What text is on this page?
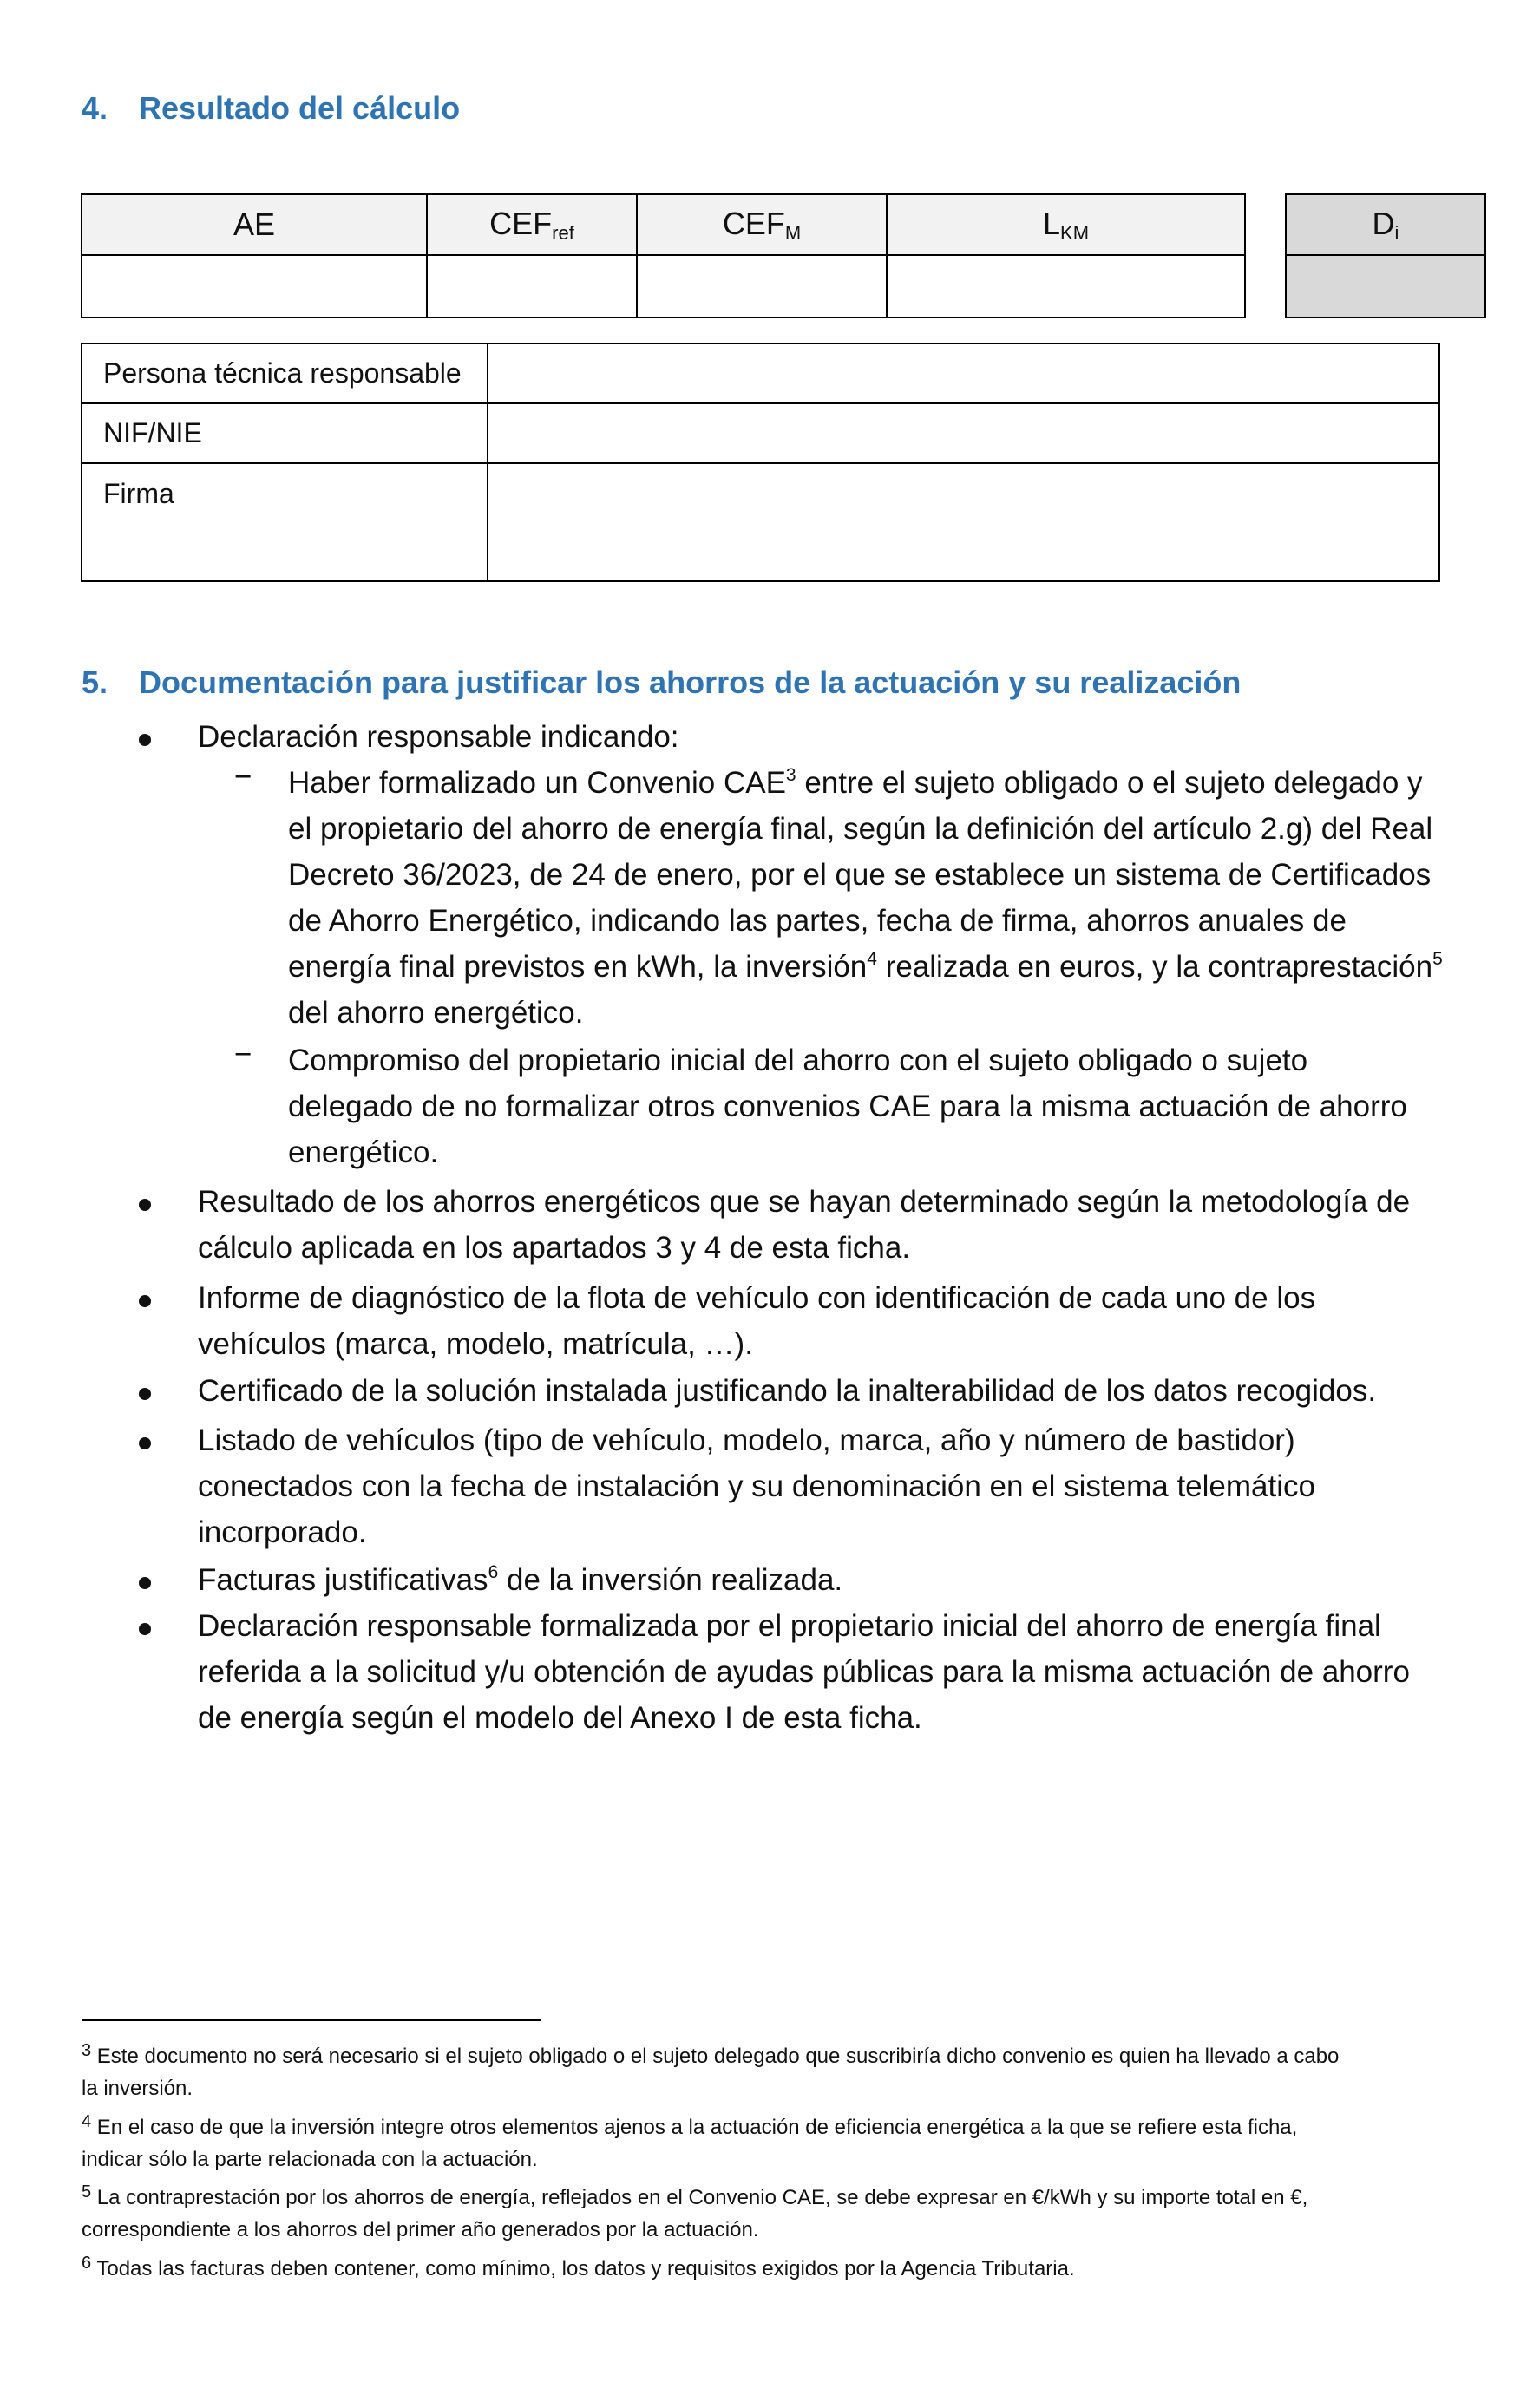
4. Resultado del cálculo
AE	$CEF_{ref}$	$CEF_M$	$L_{KM}$
				$D_i$

Persona técnica responsable	
NIF/NIE	
Firma	
5. Documentación para justificar los ahorros de la actuación y su realización
Declaración responsable indicando:
− Haber formalizado un Convenio CAE$^3$ entre el sujeto obligado o el sujeto delegado y
el propietario del ahorro de energía final, según la definición del artículo 2.g) del Real
Decreto 36/2023, de 24 de enero, por el que se establece un sistema de Certificados
de Ahorro Energético, indicando las partes, fecha de firma, ahorros anuales de
energía final previstos en kWh, la inversión$^4$ realizada en euros, y la contraprestación$^5$
del ahorro energético.
− Compromiso del propietario inicial del ahorro con el sujeto obligado o sujeto
delegado de no formalizar otros convenios CAE para la misma actuación de ahorro
energético.
Resultado de los ahorros energéticos que se hayan determinado según la metodología de
cálculo aplicada en los apartados 3 y 4 de esta ficha.
Informe de diagnóstico de la flota de vehículo con identificación de cada uno de los
vehículos (marca, modelo, matrícula, …).
Certificado de la solución instalada justificando la inalterabilidad de los datos recogidos.
Listado de vehículos (tipo de vehículo, modelo, marca, año y número de bastidor)
conectados con la fecha de instalación y su denominación en el sistema telemático
incorporado.
Facturas justificativas$^6$ de la inversión realizada.
Declaración responsable formalizada por el propietario inicial del ahorro de energía final
referida a la solicitud y/u obtención de ayudas públicas para la misma actuación de ahorro
de energía según el modelo del Anexo I de esta ficha.
$^3$ Este documento no será necesario si el sujeto obligado o el sujeto delegado que suscribiría dicho convenio es quien ha llevado a cabo
la inversión.
$^4$ En el caso de que la inversión integre otros elementos ajenos a la actuación de eficiencia energética a la que se refiere esta ficha,
indicar sólo la parte relacionada con la actuación.
$^5$ La contraprestación por los ahorros de energía, reflejados en el Convenio CAE, se debe expresar en €/kWh y su importe total en €,
correspondiente a los ahorros del primer año generados por la actuación.
$^6$ Todas las facturas deben contener, como mínimo, los datos y requisitos exigidos por la Agencia Tributaria.
